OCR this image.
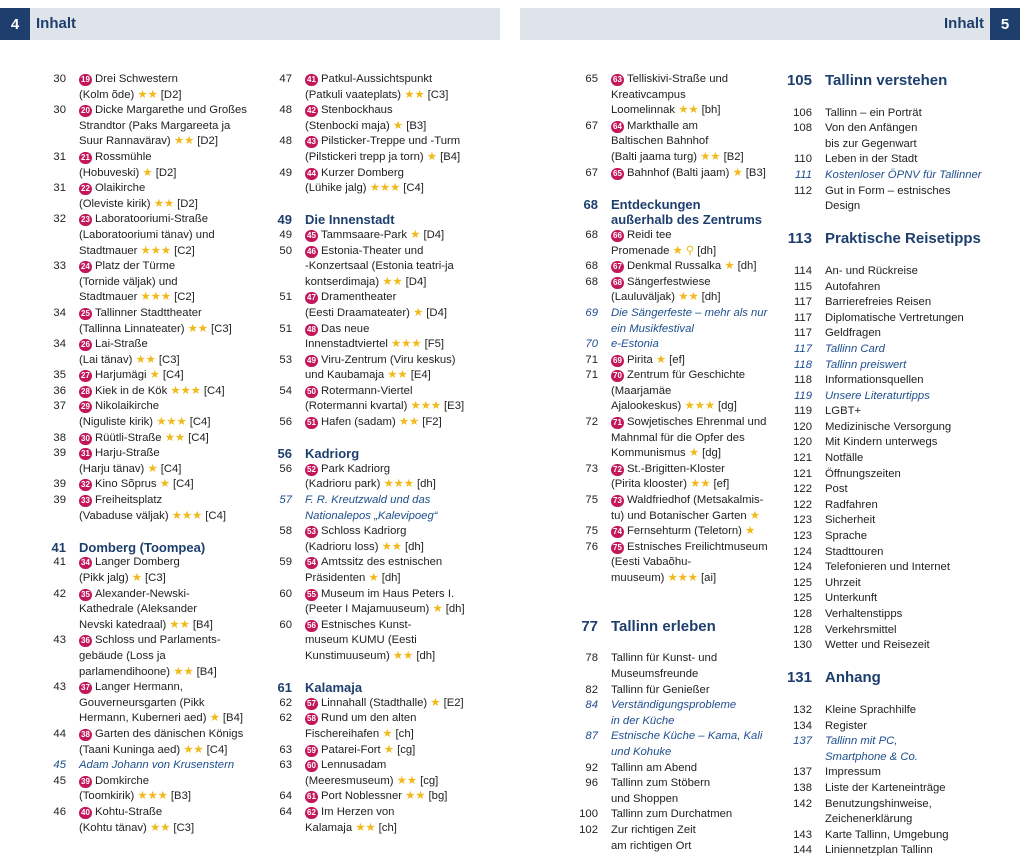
4	Inhalt	Inhalt	5
30 19 Drei Schwestern
(Kolm õde) ★★ [D2]
30 20 Dicke Margarethe und Großes
Strandtor (Paks Margareeta ja
Suur Rannavärav) ★★ [D2]
31 21 Rossmühle
(Hobuveski) ★ [D2]
31 22 Olaikirche
(Oleviste kirik) ★★ [D2]
32 23 Laboratooriumi-Straße
(Laboratooriumi tänav) und
Stadtmauer ★★★ [C2]
33 24 Platz der Türme
(Tornide väljak) und
Stadtmauer ★★★ [C2]
34 25 Tallinner Stadttheater
(Tallinna Linnateater) ★★ [C3]
34 26 Lai-Straße
(Lai tänav) ★★ [C3]
35 27 Harjumägi ★ [C4]
36 28 Kiek in de Kök ★★★ [C4]
37 29 Nikolaikirche
(Niguliste kirik) ★★★ [C4]
38 30 Rüütli-Straße ★★ [C4]
39 31 Harju-Straße
(Harju tänav) ★ [C4]
39 32 Kino Sõprus ★ [C4]
39 33 Freiheitsplatz
(Vabaduse väljak) ★★★ [C4]
41 Domberg (Toompea)
41 34 Langer Domberg
(Pikk jalg) ★ [C3]
42 35 Alexander-Newski-
Kathedrale (Aleksander
Nevski katedraal) ★★ [B4]
43 36 Schloss und Parlaments-
gebäude (Loss ja
parlamendihoone) ★★ [B4]
43 37 Langer Hermann,
Gouverneursgarten (Pikk
Hermann, Kuberneri aed) ★ [B4]
44 38 Garten des dänischen Königs
(Taani Kuninga aed) ★★ [C4]
45 Adam Johann von Krusenstern
45 39 Domkirche
(Toomkirik) ★★★ [B3]
46 40 Kohtu-Straße
(Kohtu tänav) ★★ [C3]
47 41 Patkul-Aussichtspunkt
(Patkuli vaateplats) ★★ [C3]
48 42 Stenbockhaus
(Stenbocki maja) ★ [B3]
48 43 Pilsticker-Treppe und -Turm
(Pilstickeri trepp ja torn) ★ [B4]
49 44 Kurzer Domberg
(Lühike jalg) ★★★ [C4]
49 Die Innenstadt
49 45 Tammsaare-Park ★ [D4]
50 46 Estonia-Theater und
-Konzertsaal (Estonia teatri-ja
kontserdimaja) ★★ [D4]
51 47 Dramentheater
(Eesti Draamateater) ★ [D4]
51 48 Das neue
Innenstadtviertel ★★★ [F5]
53 49 Viru-Zentrum (Viru keskus)
und Kaubamaja ★★ [E4]
54 50 Rotermann-Viertel
(Rotermanni kvartal) ★★★ [E3]
56 51 Hafen (sadam) ★★ [F2]
56 Kadriorg
56 52 Park Kadriorg
(Kadrioru park) ★★★ [dh]
57 F. R. Kreutzwald und das
Nationalepos „Kalevipoeg“
58 53 Schloss Kadriorg
(Kadrioru loss) ★★ [dh]
59 54 Amtssitz des estnischen
Präsidenten ★ [dh]
60 55 Museum im Haus Peters I.
(Peeter I Majamuuseum) ★ [dh]
60 56 Estnisches Kunst-
museum KUMU (Eesti
Kunstimuuseum) ★★ [dh]
61 Kalamaja
62 57 Linnahall (Stadthalle) ★ [E2]
62 58 Rund um den alten
Fischereihafen ★ [ch]
63 59 Patarei-Fort ★ [cg]
63 60 Lennusadam
(Meeresmuseum) ★★ [cg]
64 61 Port Noblessner ★★ [bg]
64 62 Im Herzen von
Kalamaja ★★ [ch]
65 63 Telliskivi-Straße und
Kreativcampus
Loomelinnak ★★ [bh]
67 64 Markthalle am
Baltischen Bahnhof
(Balti jaama turg) ★★ [B2]
67 65 Bahnhof (Balti jaam) ★ [B3]
68 Entdeckungen
außerhalb des Zentrums
68 66 Reidi tee
Promenade ★ ⚲ [dh]
68 67 Denkmal Russalka ★ [dh]
68 68 Sängerfestwiese
(Lauluväljak) ★★ [dh]
69 Die Sängerfeste – mehr als nur
ein Musikfestival
70 e-Estonia
71 69 Pirita ★ [ef]
71 70 Zentrum für Geschichte
(Maarjamäe
Ajalookeskus) ★★★ [dg]
72 71 Sowjetisches Ehrenmal und
Mahnmal für die Opfer des
Kommunismus ★ [dg]
73 72 St.-Brigitten-Kloster
(Pirita klooster) ★★ [ef]
75 73 Waldfriedhof (Metsakalmis-
tu) und Botanischer Garten ★
75 74 Fernsehturm (Teletorn) ★
76 75 Estnisches Freilichtmuseum
(Eesti Vabaõhu-
muuseum) ★★★ [ai]
77 Tallinn erleben
78 Tallinn für Kunst- und
Museumsfreunde
82 Tallinn für Genießer
84 Verständigungsprobleme
in der Küche
87 Estnische Küche – Kama, Kali
und Kohuke
92 Tallinn am Abend
96 Tallinn zum Stöbern
und Shoppen
100 Tallinn zum Durchatmen
102 Zur richtigen Zeit
am richtigen Ort
105 Tallinn verstehen
106 Tallinn – ein Porträt
108 Von den Anfängen
bis zur Gegenwart
110 Leben in der Stadt
111 Kostenloser ÖPNV für Tallinner
112 Gut in Form – estnisches Design
113 Praktische Reisetipps
114 An- und Rückreise
115 Autofahren
117 Barrierefreies Reisen
117 Diplomatische Vertretungen
117 Geldfragen
117 Tallinn Card
118 Tallinn preiswert
118 Informationsquellen
119 Unsere Literaturtipps
119 LGBT+
120 Medizinische Versorgung
120 Mit Kindern unterwegs
121 Notfälle
121 Öffnungszeiten
122 Post
122 Radfahren
123 Sicherheit
123 Sprache
124 Stadttouren
124 Telefonieren und Internet
125 Uhrzeit
125 Unterkunft
128 Verhaltenstipps
128 Verkehrsmittel
130 Wetter und Reisezeit
131 Anhang
132 Kleine Sprachhilfe
134 Register
137 Tallinn mit PC,
Smartphone & Co.
137 Impressum
138 Liste der Karteneinträge
142 Benutzungshinweise,
Zeichenerklärung
143 Karte Tallinn, Umgebung
144 Liniennetzplan Tallinn
